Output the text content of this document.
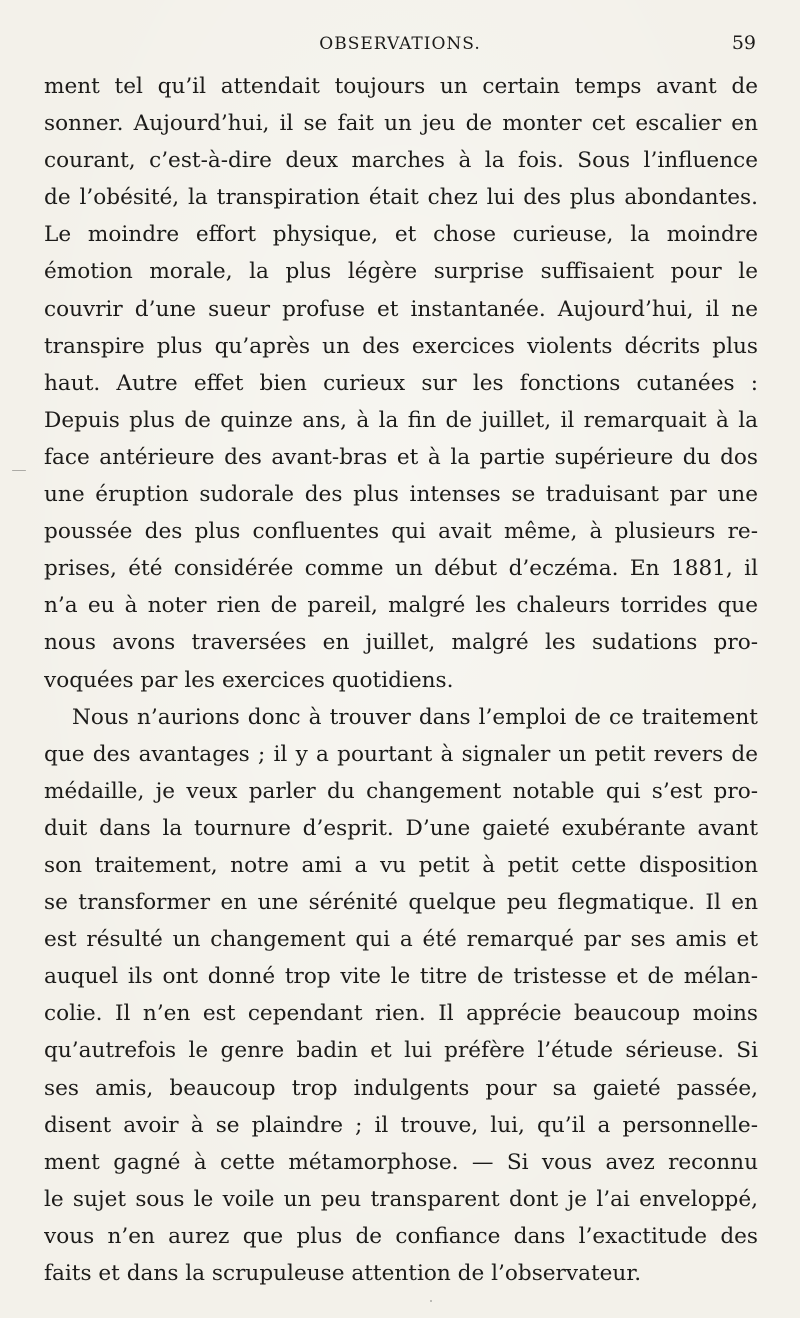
OBSERVATIONS.	59
ment tel qu’il attendait toujours un certain temps avant de
sonner. Aujourd’hui, il se fait un jeu de monter cet escalier en
courant, c’est-à-dire deux marches à la fois. Sous l’influence
de l’obésité, la transpiration était chez lui des plus abondantes.
Le moindre effort physique, et chose curieuse, la moindre
émotion morale, la plus légère surprise suffisaient pour le
couvrir d’une sueur profuse et instantanée. Aujourd’hui, il ne
transpire plus qu’après un des exercices violents décrits plus
haut. Autre effet bien curieux sur les fonctions cutanées :
Depuis plus de quinze ans, à la fin de juillet, il remarquait à la
face antérieure des avant-bras et à la partie supérieure du dos
une éruption sudorale des plus intenses se traduisant par une
poussée des plus confluentes qui avait même, à plusieurs re-
prises, été considérée comme un début d’eczéma. En 1881, il
n’a eu à noter rien de pareil, malgré les chaleurs torrides que
nous avons traversées en juillet, malgré les sudations pro-
voquées par les exercices quotidiens.
Nous n’aurions donc à trouver dans l’emploi de ce traitement
que des avantages ; il y a pourtant à signaler un petit revers de
médaille, je veux parler du changement notable qui s’est pro-
duit dans la tournure d’esprit. D’une gaieté exubérante avant
son traitement, notre ami a vu petit à petit cette disposition
se transformer en une sérénité quelque peu flegmatique. Il en
est résulté un changement qui a été remarqué par ses amis et
auquel ils ont donné trop vite le titre de tristesse et de mélan-
colie. Il n’en est cependant rien. Il apprécie beaucoup moins
qu’autrefois le genre badin et lui préfère l’étude sérieuse. Si
ses amis, beaucoup trop indulgents pour sa gaieté passée,
disent avoir à se plaindre ; il trouve, lui, qu’il a personnelle-
ment gagné à cette métamorphose. — Si vous avez reconnu
le sujet sous le voile un peu transparent dont je l’ai enveloppé,
vous n’en aurez que plus de confiance dans l’exactitude des
faits et dans la scrupuleuse attention de l’observateur.
